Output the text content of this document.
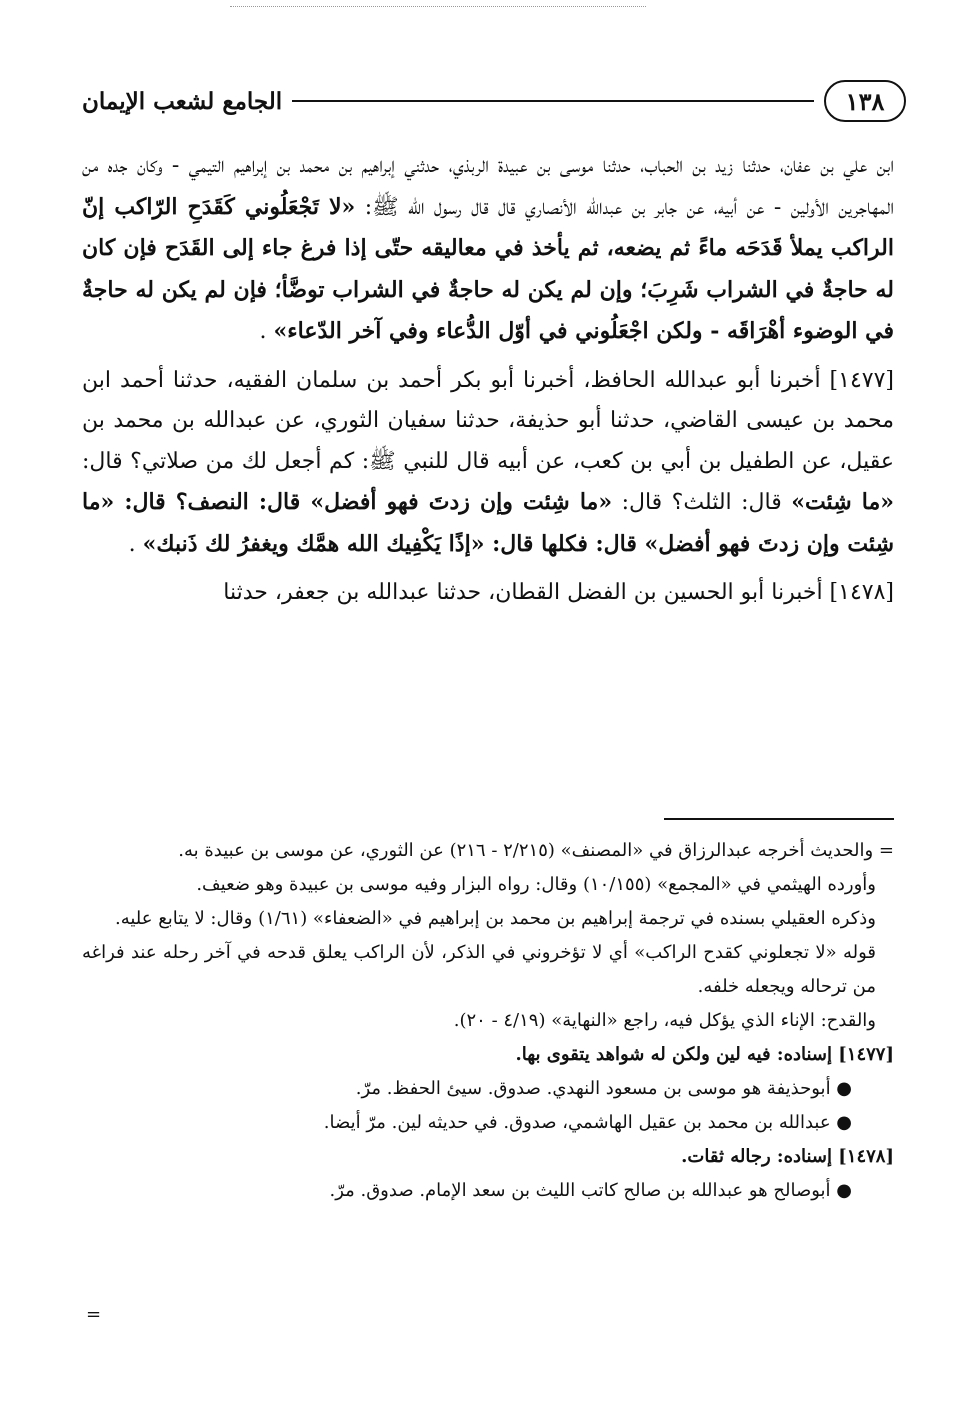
١٣٨
الجامع لشعب الإيمان

ابن علي بن عفان، حدثنا زيد بن الحباب، حدثنا موسى بن عبيدة الربذي، حدثني إبراهيم بن محمد بن إبراهيم التيمي - وكان جده من المهاجرين الأولين - عن أبيه، عن جابر بن عبدالله الأنصاري قال قال رسول الله ﷺ: «لا تَجْعَلُوني كَقَدَحِ الرّاكب إنّ الراكب يملأ قَدَحَه ماءً ثم يضعه، ثم يأخذ في معاليقه حتّى إذا فرغ جاء إلى القَدَح فإن كان له حاجةٌ في الشراب شَرِبَ؛ وإن لم يكن له حاجةٌ في الشراب توضَّأ؛ فإن لم يكن له حاجةٌ في الوضوء أهْرَاقَه - ولكن اجْعَلُوني في أوّل الدُّعاء وفي آخر الدّعاء» .

[١٤٧٧] أخبرنا أبو عبدالله الحافظ، أخبرنا أبو بكر أحمد بن سلمان الفقيه، حدثنا أحمد ابن محمد بن عيسى القاضي، حدثنا أبو حذيفة، حدثنا سفيان الثوري، عن عبدالله بن محمد بن عقيل، عن الطفيل بن أبي بن كعب، عن أبيه قال للنبي ﷺ: كم أجعل لك من صلاتي؟ قال: «ما شِئت» قال: الثلث؟ قال: «ما شِئت وإن زدتَ فهو أفضل» قال: النصف؟ قال: «ما شِئت وإن زدتَ فهو أفضل» قال: فكلها قال: «إذًا يَكْفِيك الله همَّك ويغفرُ لك ذَنبك» .

[١٤٧٨] أخبرنا أبو الحسين بن الفضل القطان، حدثنا عبدالله بن جعفر، حدثنا

= والحديث أخرجه عبدالرزاق في «المصنف» (٢/٢١٥ - ٢١٦) عن الثوري، عن موسى بن عبيدة به.

وأورده الهيثمي في «المجمع» (١٠/١٥٥) وقال: رواه البزار وفيه موسى بن عبيدة وهو ضعيف.

وذكره العقيلي بسنده في ترجمة إبراهيم بن محمد بن إبراهيم في «الضعفاء» (١/٦١) وقال: لا يتابع عليه.

قوله «لا تجعلوني كقدح الراكب» أي لا تؤخروني في الذكر، لأن الراكب يعلق قدحه في آخر رحله عند فراغه من ترحاله ويجعله خلفه.

والقدح: الإناء الذي يؤكل فيه، راجع «النهاية» (٤/١٩ - ٢٠).

[١٤٧٧] إسناده: فيه لين ولكن له شواهد يتقوى بها.

● أبوحذيفة هو موسى بن مسعود النهدي. صدوق. سيئ الحفظ. مرّ.

● عبدالله بن محمد بن عقيل الهاشمي، صدوق. في حديثه لين. مرّ أيضا.

[١٤٧٨] إسناده: رجاله ثقات.

● أبوصالح هو عبدالله بن صالح كاتب الليث بن سعد الإمام. صدوق. مرّ.

=
